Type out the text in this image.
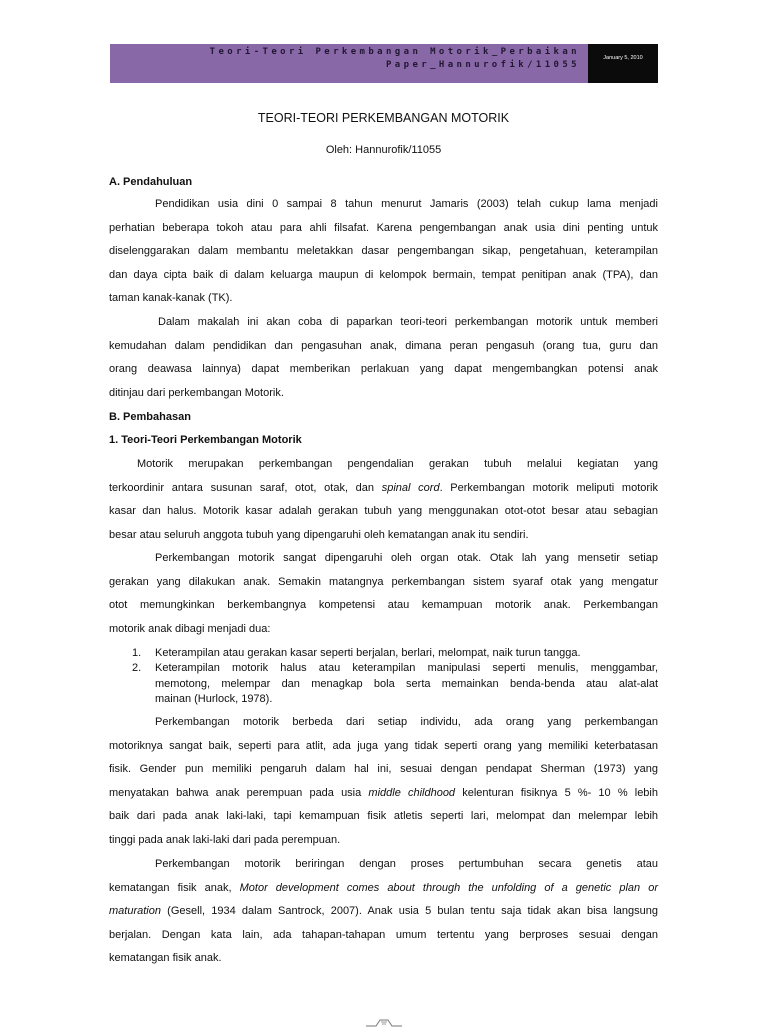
Teori-Teori Perkembangan Motorik_Perbaikan
Paper_Hannurofik/11055
January 5, 2010
TEORI-TEORI PERKEMBANGAN MOTORIK
Oleh: Hannurofik/11055
A. Pendahuluan
Pendidikan usia dini 0 sampai 8 tahun menurut Jamaris (2003) telah cukup lama menjadi
perhatian beberapa tokoh atau para ahli filsafat. Karena pengembangan anak usia dini penting untuk
diselenggarakan dalam membantu meletakkan dasar pengembangan sikap, pengetahuan, keterampilan
dan daya cipta baik di dalam keluarga maupun di kelompok bermain, tempat penitipan anak (TPA), dan
taman kanak-kanak (TK).
Dalam makalah ini akan coba di paparkan teori-teori perkembangan motorik untuk memberi
kemudahan dalam pendidikan dan pengasuhan anak, dimana peran pengasuh (orang tua, guru dan
orang deawasa lainnya) dapat memberikan perlakuan yang dapat mengembangkan potensi anak
ditinjau dari perkembangan Motorik.
B. Pembahasan
1. Teori-Teori Perkembangan Motorik
Motorik merupakan perkembangan pengendalian gerakan tubuh melalui kegiatan yang
terkoordinir antara susunan saraf, otot, otak, dan spinal cord. Perkembangan motorik meliputi motorik
kasar dan halus. Motorik kasar adalah gerakan tubuh yang menggunakan otot-otot besar atau sebagian
besar atau seluruh anggota tubuh yang dipengaruhi oleh kematangan anak itu sendiri.
Perkembangan motorik sangat dipengaruhi oleh organ otak. Otak lah yang mensetir setiap
gerakan yang dilakukan anak. Semakin matangnya perkembangan sistem syaraf otak yang mengatur
otot memungkinkan berkembangnya kompetensi atau kemampuan motorik anak. Perkembangan
motorik anak dibagi menjadi dua:
1. Keterampilan atau gerakan kasar seperti berjalan, berlari, melompat, naik turun tangga.
2. Keterampilan motorik halus atau keterampilan manipulasi seperti menulis, menggambar,
memotong, melempar dan menagkap bola serta memainkan benda-benda atau alat-alat
mainan (Hurlock, 1978).
Perkembangan motorik berbeda dari setiap individu, ada orang yang perkembangan
motoriknya sangat baik, seperti para atlit, ada juga yang tidak seperti orang yang memiliki keterbatasan
fisik. Gender pun memiliki pengaruh dalam hal ini, sesuai dengan pendapat Sherman (1973) yang
menyatakan bahwa anak perempuan pada usia middle childhood kelenturan fisiknya 5 %- 10 % lebih
baik dari pada anak laki-laki, tapi kemampuan fisik atletis seperti lari, melompat dan melempar lebih
tinggi pada anak laki-laki dari pada perempuan.
Perkembangan motorik beriringan dengan proses pertumbuhan secara genetis atau
kematangan fisik anak, Motor development comes about through the unfolding of a genetic plan or
maturation (Gesell, 1934 dalam Santrock, 2007). Anak usia 5 bulan tentu saja tidak akan bisa langsung
berjalan. Dengan kata lain, ada tahapan-tahapan umum tertentu yang berproses sesuai dengan
kematangan fisik anak.
